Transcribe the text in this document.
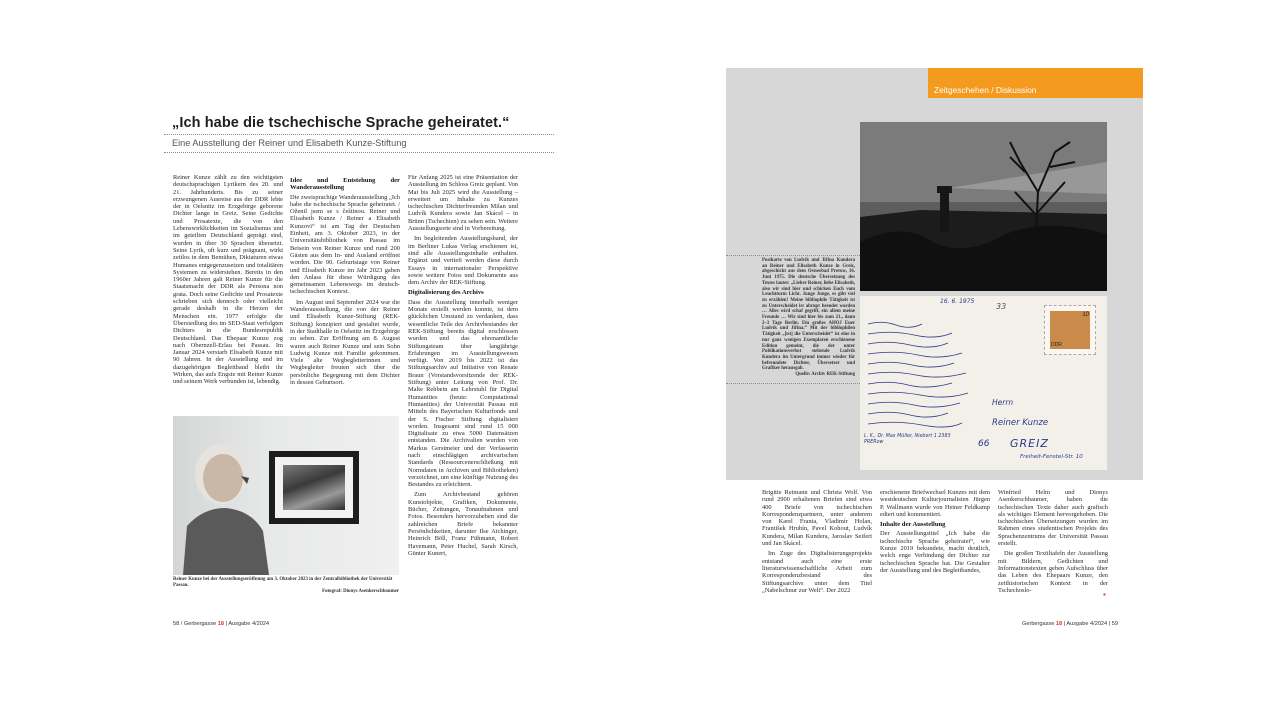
„Ich habe die tschechische Sprache geheiratet.“
Eine Ausstellung der Reiner und Elisabeth Kunze-Stiftung

Reiner Kunze zählt zu den wichtigsten deutschsprachigen Lyrikern des 20. und 21. Jahrhunderts. Bis zu seiner erzwungenen Ausreise aus der DDR lebte der in Oelsnitz im Erzgebirge geborene Dichter lange in Greiz. Seine Gedichte und Prosatexte, die von den Lebenswirklichkeiten im Sozialismus und im geteilten Deutschland geprägt sind, wurden in über 30 Sprachen übersetzt. Seine Lyrik, oft kurz und prägnant, wirkt zeitlos in dem Bemühen, Diktaturen etwas Humanes entgegenzusetzen und totalitären Systemen zu widerstehen. Bereits in den 1960er Jahren galt Reiner Kunze für die Staatsmacht der DDR als Persona non grata. Doch seine Gedichte und Prosatexte schrieben sich dennoch oder vielleicht gerade deshalb in die Herzen der Menschen ein. 1977 erfolgte die Übersiedlung des im SED-Staat verfolgten Dichters in die Bundesrepublik Deutschland. Das Ehepaar Kunze zog nach Obernzell-Erlau bei Passau. Im Januar 2024 verstarb Elisabeth Kunze mit 90 Jahren. In der Ausstellung und im dazugehörigen Begleitband bleibt ihr Wirken, das aufs Engste mit Reiner Kunze und seinem Werk verbunden ist, lebendig.

Idee und Entstehung der Wanderausstellung

Die zweisprachige Wanderausstellung „Ich habe die tschechische Sprache geheiratet. / Oženil jsem se s češtinou. Reiner und Elisabeth Kunze / Reiner a Elisabeth Kunzovi“ ist am Tag der Deutschen Einheit, am 3. Oktober 2023, in der Universitätsbibliothek von Passau im Beisein von Reiner Kunze und rund 200 Gästen aus dem In- und Ausland eröffnet worden. Die 90. Geburtstage von Reiner und Elisabeth Kunze im Jahr 2023 gaben den Anlass für diese Würdigung des gemeinsamen Lebenswegs im deutsch-tschechischen Kontext.

Im August und September 2024 war die Wanderausstellung, die von der Reiner und Elisabeth Kunze-Stiftung (REK-Stiftung) konzipiert und gestaltet wurde, in der Stadthalle in Oelsnitz im Erzgebirge zu sehen. Zur Eröffnung am 8. August waren auch Reiner Kunze und sein Sohn Ludwig Kunze mit Familie gekommen. Viele alte Wegbegleiterinnen und Wegbegleiter freuten sich über die persönliche Begegnung mit dem Dichter in dessen Geburtsort.

Für Anfang 2025 ist eine Präsentation der Ausstellung im Schloss Greiz geplant. Von Mai bis Juli 2025 wird die Ausstellung – erweitert um Inhalte zu Kunzes tschechischen Dichterfreunden Milan und Ludvík Kundera sowie Jan Skácel – in Brünn (Tschechien) zu sehen sein. Weitere Ausstellungsorte sind in Vorbereitung.

Im begleitenden Ausstellungsband, der im Berliner Lukas Verlag erschienen ist, sind alle Ausstellungsinhalte enthalten. Ergänzt und vertieft werden diese durch Essays in internationaler Perspektive sowie weitere Fotos und Dokumente aus dem Archiv der REK-Stiftung.

Digitalisierung des Archivs

Dass die Ausstellung innerhalb weniger Monate erstellt werden konnte, ist dem glücklichen Umstand zu verdanken, dass wesentliche Teile des Archivbestandes der REK-Stiftung bereits digital erschlossen wurden und das ehrenamtliche Stiftungsteam über langjährige Erfahrungen im Ausstellungswesen verfügt. Von 2019 bis 2022 ist das Stiftungsarchiv auf Initiative von Renate Braun (Vorstandsvorsitzende der REK-Stiftung) unter Leitung von Prof. Dr. Malte Rehbein am Lehrstuhl für Digital Humanities (heute: Computational Humanities) der Universität Passau mit Mitteln des Bayerischen Kulturfonds und der S. Fischer Stiftung digitalisiert worden. Insgesamt sind rund 15 000 Digitalisate zu etwa 5000 Datensätzen entstanden. Die Archivalien wurden von Markus Gerstmeier und der Verfasserin nach einschlägigen archivarischen Standards (Ressourcenerschließung mit Normdaten in Archiven und Bibliotheken) verzeichnet, um eine künftige Nutzung des Bestandes zu erleichtern.

Zum Archivbestand gehören Kunstobjekte, Grafiken, Dokumente, Bücher, Zeitungen, Tonaufnahmen und Fotos. Besonders hervorzuheben sind die zahlreichen Briefe bekannter Persönlichkeiten, darunter Ilse Aichinger, Heinrich Böll, Franz Fühmann, Robert Havemann, Peter Huchel, Sarah Kirsch, Günter Kunert,

Reiner Kunze bei der Ausstellungseröffnung am 3. Oktober 2023 in der Zentralbibliothek der Universität Passau.

Fotograf: Dionys Asenkerschbaumer
58 / Gerbergasse 18 | Ausgabe 4/2024
Zeitgeschehen / Diskussion
33
16. 6. 1975
DDR
10
Herrn
Reiner Kunze
66 GREIZ
Freiheit-Fenstel-Str. 10
L. K., Dr. Max Müller, Niebert 1 2383 PRERow
Postkarte von Ludvík und Jiřina Kundera an Reiner und Elisabeth Kunze in Greiz, abgeschickt aus dem Ostseebad Prerow, 16. Juni 1975. Die deutsche Übersetzung des Textes lautet: „Lieber Reiner, liebe Elisabeth, also wir sind hier und schicken Euch vom Leuchtturm Licht. Junge Junge, es gibt viel zu erzählen! Meine bibliophile Tätigkeit ist zu Unterscheidet ist abrupt beendet worden … Alles wird schaf gegriff, ein allem meine Freunde … Wir sind hier bis zum 21., dann 2–3 Tage Berlin. Ein großes AHOJ Euer Ludvík und Jiřina.“ Mit der bibliophilen Tätigkeit „[ist] die Unterscheidet“ ist eine in nur ganz wenigen Exemplaren erschienene Edition gemeint, die der unter Publikationsverbot stehende Ludvík Kundera im Untergrund immer wieder für befreundete Dichter, Übersetzer und Grafiker herausgab.

Quelle: Archiv REK-Stiftung

Brigitte Reimann und Christa Wolf. Von rund 2900 erhaltenen Briefen sind etwa 400 Briefe von tschechischen Korrespondenzpartnern, unter anderem von Karel Franta, Vladimír Holan, František Hrubín, Pavel Kohout, Ludvík Kundera, Milan Kundera, Jaroslav Seifert und Jan Skácel.

Im Zuge des Digitalisierungsprojekts entstand auch eine erste literaturwissenschaftliche Arbeit zum Korrespondenzbestand des Stiftungsarchivs unter dem Titel „Nabelschnur zur Welt“. Der 2022

erschienene Briefwechsel Kunzes mit dem westdeutschen Kulturjournalisten Jürgen P. Wallmann wurde von Heiner Feldkamp ediert und kommentiert.

Inhalte der Ausstellung

Der Ausstellungstitel „Ich habe die tschechische Sprache geheiratet“, wie Kunze 2019 bekundete, macht deutlich, welch enge Verbindung der Dichter zur tschechischen Sprache hat. Die Gestalter der Ausstellung und des Begleitbandes,

Winfried Helm und Dionys Asenkerschbaumer, haben die tschechischen Texte daher auch grafisch als wichtiges Element hervorgehoben. Die tschechischen Übersetzungen wurden im Rahmen eines studentischen Projekts des Sprachenzentrums der Universität Passau erstellt.

Die großen Textiltafeln der Ausstellung mit Bildern, Gedichten und Informationstexten geben Aufschluss über das Leben des Ehepaars Kunze, den zeithistorischen Kontext in der Tschechoslo-	▪
Gerbergasse 18 | Ausgabe 4/2024 | 59
